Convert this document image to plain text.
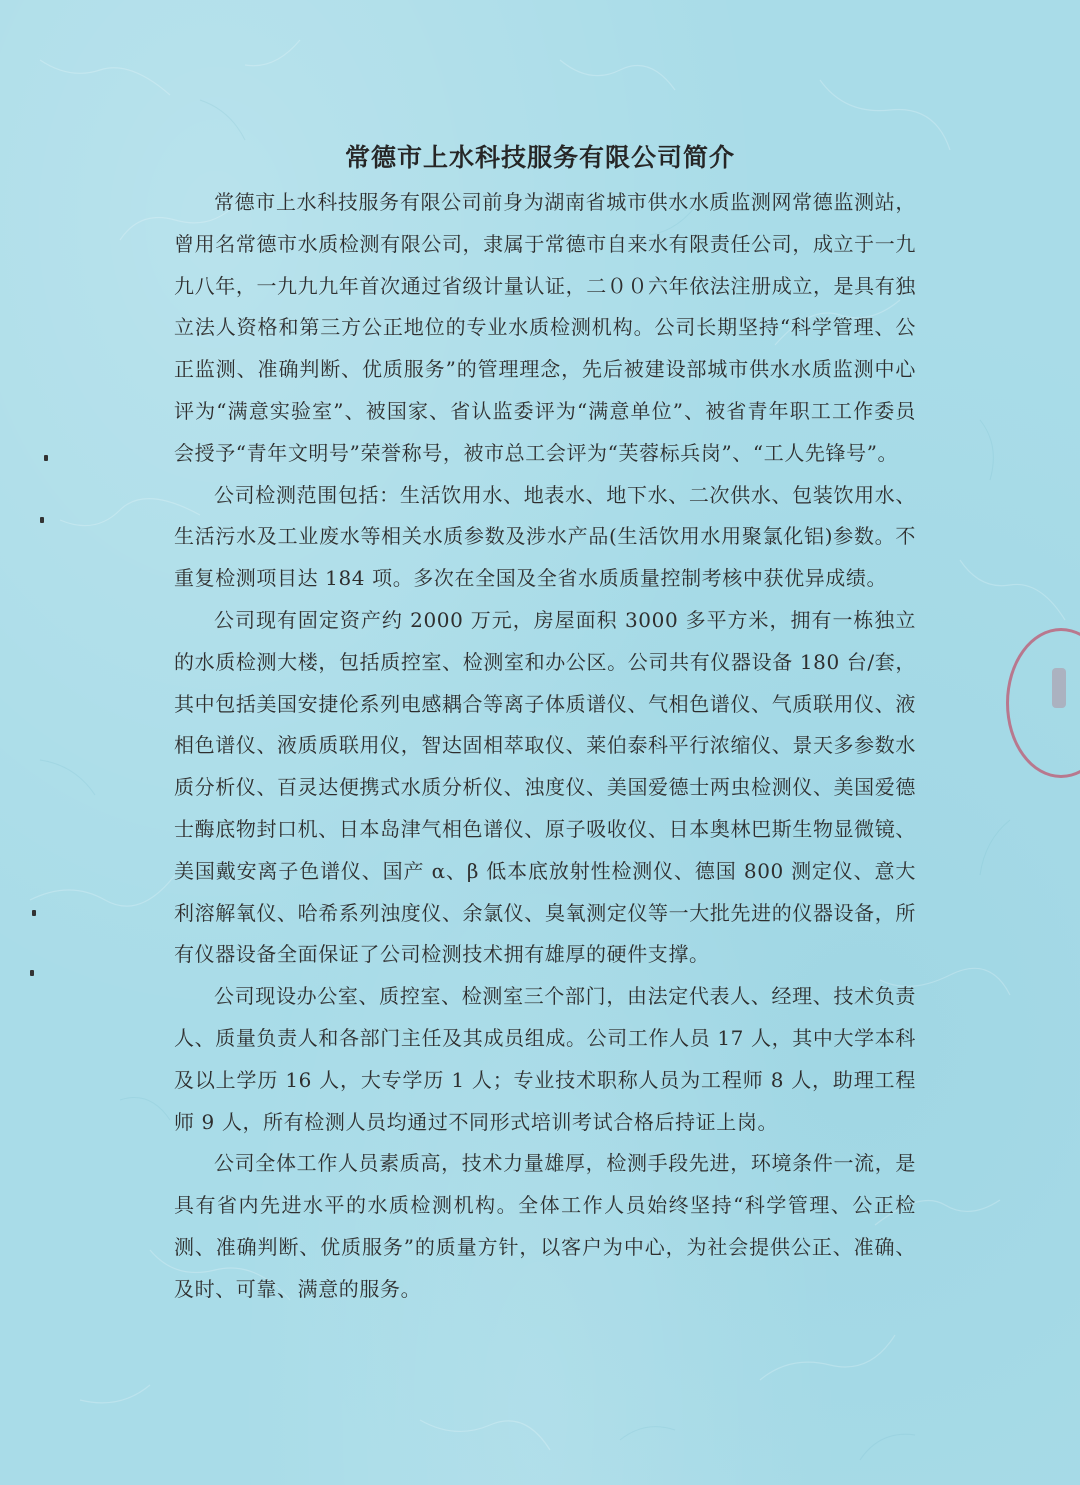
常德市上水科技服务有限公司简介

常德市上水科技服务有限公司前身为湖南省城市供水水质监测网常德监测站，曾用名常德市水质检测有限公司，隶属于常德市自来水有限责任公司，成立于一九九八年，一九九九年首次通过省级计量认证，二００六年依法注册成立，是具有独立法人资格和第三方公正地位的专业水质检测机构。公司长期坚持“科学管理、公正监测、准确判断、优质服务”的管理理念，先后被建设部城市供水水质监测中心评为“满意实验室”、被国家、省认监委评为“满意单位”、被省青年职工工作委员会授予“青年文明号”荣誉称号，被市总工会评为“芙蓉标兵岗”、“工人先锋号”。

公司检测范围包括：生活饮用水、地表水、地下水、二次供水、包装饮用水、生活污水及工业废水等相关水质参数及涉水产品(生活饮用水用聚氯化铝)参数。不重复检测项目达 184 项。多次在全国及全省水质质量控制考核中获优异成绩。

公司现有固定资产约 2000 万元，房屋面积 3000 多平方米，拥有一栋独立的水质检测大楼，包括质控室、检测室和办公区。公司共有仪器设备 180 台/套，其中包括美国安捷伦系列电感耦合等离子体质谱仪、气相色谱仪、气质联用仪、液相色谱仪、液质质联用仪，智达固相萃取仪、莱伯泰科平行浓缩仪、景天多参数水质分析仪、百灵达便携式水质分析仪、浊度仪、美国爱德士两虫检测仪、美国爱德士酶底物封口机、日本岛津气相色谱仪、原子吸收仪、日本奥林巴斯生物显微镜、美国戴安离子色谱仪、国产 α、β 低本底放射性检测仪、德国 800 测定仪、意大利溶解氧仪、哈希系列浊度仪、余氯仪、臭氧测定仪等一大批先进的仪器设备，所有仪器设备全面保证了公司检测技术拥有雄厚的硬件支撑。

公司现设办公室、质控室、检测室三个部门，由法定代表人、经理、技术负责人、质量负责人和各部门主任及其成员组成。公司工作人员 17 人，其中大学本科及以上学历 16 人，大专学历 1 人；专业技术职称人员为工程师 8 人，助理工程师 9 人，所有检测人员均通过不同形式培训考试合格后持证上岗。

公司全体工作人员素质高，技术力量雄厚，检测手段先进，环境条件一流，是具有省内先进水平的水质检测机构。全体工作人员始终坚持“科学管理、公正检测、准确判断、优质服务”的质量方针，以客户为中心，为社会提供公正、准确、及时、可靠、满意的服务。
